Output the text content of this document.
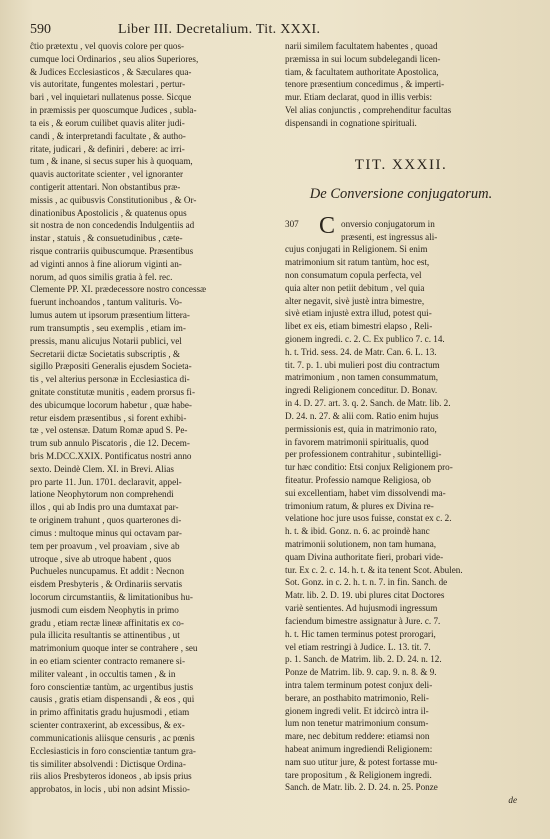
590	Liber III. Decretalium. Tit. XXXI.
ĉtio prætextu , vel quovis colore per quos-
cumque loci Ordinarios , seu alios Superiores,
& Judices Ecclesiasticos , & Sæculares qua-
vis autoritate, fungentes molestari , pertur-
bari , vel inquietari nullatenus posse. Sicque
in præmissis per quoscumque Judices , subla-
ta eis , & eorum cuilibet quavis aliter judi-
candi , & interpretandi facultate , & autho-
ritate, judicari , & definiri , debere: ac irri-
tum , & inane, si secus super his à quoquam,
quavis auctoritate scienter , vel ignoranter
contigerit attentari. Non obstantibus præ-
missis , ac quibusvis Constitutionibus , & Or-
dinationibus Apostolicis , & quatenus opus
sit nostra de non concedendis Indulgentiis ad
instar , statuis , & consuetudinibus , cæte-
risque contrariis quibuscumque. Præsentibus
ad viginti annos à fine aliorum viginti an-
norum, ad quos similis gratia à fel. rec.
Clemente PP. XI. prædecessore nostro concessæ
fuerunt inchoandos , tantum valituris. Vo-
lumus autem ut ipsorum præsentium littera-
rum transumptis , seu exemplis , etiam im-
pressis, manu alicujus Notarii publici, vel
Secretarii dictæ Societatis subscriptis , &
sigillo Præpositi Generalis ejusdem Societa-
tis , vel alterius personæ in Ecclesiastica di-
gnitate constitutæ munitis , eadem prorsus fi-
des ubicumque locorum habetur , quæ habe-
retur eisdem præsentibus , si forent exhibi-
tæ , vel ostensæ. Datum Romæ apud S. Pe-
trum sub annulo Piscatoris , die 12. Decem-
bris M.DCC.XXIX. Pontificatus nostri anno
sexto. Deindè Clem. XI. in Brevi. Alias
pro parte 11. Jun. 1701. declaravit, appel-
latione Neophytorum non comprehendi
illos , qui ab Indis pro una dumtaxat par-
te originem trahunt , quos quarterones di-
cimus : multoque minus qui octavam par-
tem per proavum , vel proaviam , sive ab
utroque , sive ab utroque habent , quos
Puchueles nuncupamus. Et addit : Necnon
eisdem Presbyteris , & Ordinariis servatis
locorum circumstantiis, & limitationibus hu-
jusmodi cum eisdem Neophytis in primo
gradu , etiam rectæ lineæ affinitatis ex co-
pula illicita resultantis se attinentibus , ut
matrimonium quoque inter se contrahere , seu
in eo etiam scienter contracto remanere si-
militer valeant , in occultis tamen , & in
foro conscientiæ tantùm, ac urgentibus justis
causis , gratis etiam dispensandi , & eos , qui
in primo affinitatis gradu hujusmodi , etiam
scienter contraxerint, ab excessibus, & ex-
communicationis aliisque censuris , ac pœnis
Ecclesiasticis in foro conscientiæ tantum gra-
tis similiter absolvendi : Dictisque Ordina-
riis alios Presbyteros idoneos , ab ipsis prius
approbatos, in locis , ubi non adsint Missio-
narii similem facultatem habentes , quoad
præmissa in sui locum subdelegandi licen-
tiam, & facultatem authoritate Apostolica,
tenore præsentium concedimus , & imperti-
mur. Etiam declarat, quod in illis verbis:
Vel alias conjunctis , comprehenditur facultas
dispensandi in cognatione spirituali.
TIT. XXXII.
De Conversione conjugatorum.
307 C onversio conjugatorum in
præsenti, est ingressus ali-
cujus conjugati in Religionem. Si enim
matrimonium sit ratum tantùm, hoc est,
non consumatum copula perfecta, vel
quia alter non petiit debitum , vel quia
alter negavit, sivè justè intra bimestre,
sivè etiam injustè extra illud, potest qui-
libet ex eis, etiam bimestri elapso , Reli-
gionem ingredi. c. 2. C. Ex publico 7. c. 14.
h. t. Trid. sess. 24. de Matr. Can. 6. L. 13.
tit. 7. p. 1. ubi mulieri post diu contractum
matrimonium , non tamen consummatum,
ingredi Religionem conceditur. D. Bonav.
in 4. D. 27. art. 3. q. 2. Sanch. de Matr. lib. 2.
D. 24. n. 27. & alii com. Ratio enim hujus
permissionis est, quia in matrimonio rato,
in favorem matrimonii spiritualis, quod
per professionem contrahitur , subintelligi-
tur hæc conditio: Etsi conjux Religionem pro-
fiteatur. Professio namque Religiosa, ob
sui excellentiam, habet vim dissolvendi ma-
trimonium ratum, & plures ex Divina re-
velatione hoc jure usos fuisse, constat ex c. 2.
h. t. & ibid. Gonz. n. 6. ac proindè hanc
matrimonii solutionem, non tam humana,
quam Divina authoritate fieri, probari vide-
tur. Ex c. 2. c. 14. h. t. & ita tenent Scot. Abulen.
Sot. Gonz. in c. 2. h. t. n. 7. in fin. Sanch. de
Matr. lib. 2. D. 19. ubi plures citat Doctores
variè sentientes. Ad hujusmodi ingressum
faciendum bimestre assignatur à Jure. c. 7.
h. t. Hic tamen terminus potest prorogari,
vel etiam restringi à Judice. L. 13. tit. 7.
p. 1. Sanch. de Matrim. lib. 2. D. 24. n. 12.
Ponze de Matrim. lib. 9. cap. 9. n. 8. & 9.
intra talem terminum potest conjux deli-
berare, an posthabito matrimonio, Reli-
gionem ingredi velit. Et idcircò intra il-
lum non tenetur matrimonium consum-
mare, nec debitum reddere: etiamsi non
habeat animum ingrediendi Religionem:
nam suo utitur jure, & potest fortasse mu-
tare propositum , & Religionem ingredi.
Sanch. de Matr. lib. 2. D. 24. n. 25. Ponze
de
